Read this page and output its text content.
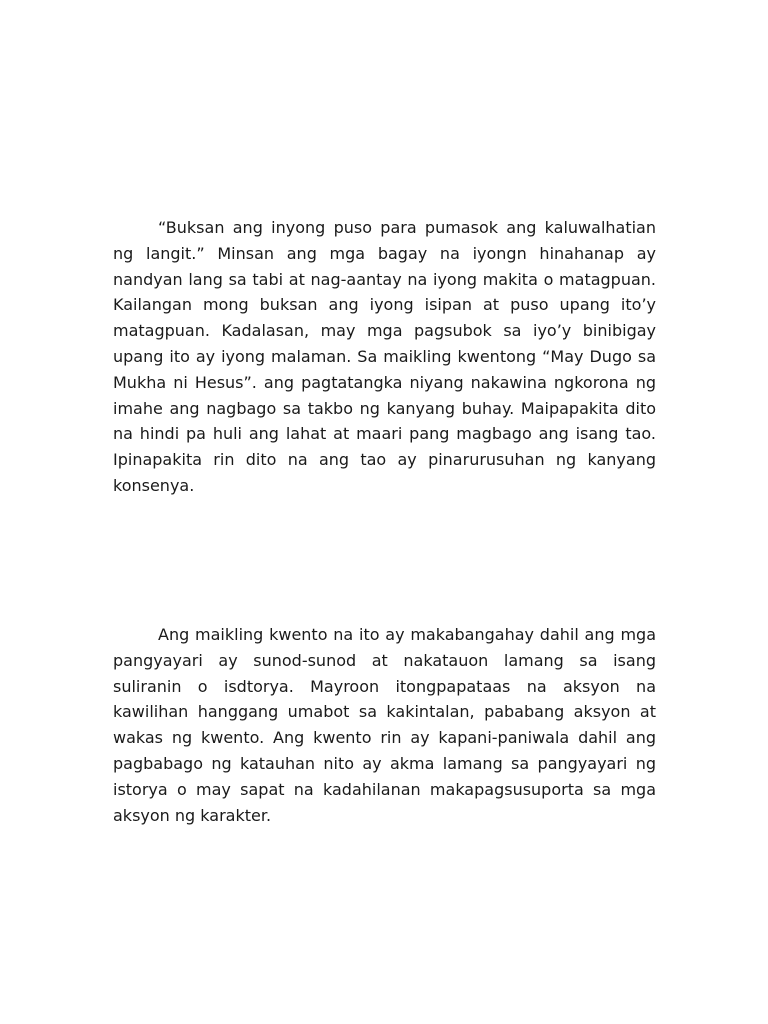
“Buksan ang inyong puso para pumasok ang kaluwalhatian ng langit.” Minsan ang mga bagay na iyongn hinahanap ay nandyan lang sa tabi at nag-aantay na iyong makita o matagpuan. Kailangan mong buksan ang iyong isipan at puso upang ito’y matagpuan. Kadalasan, may mga pagsubok sa iyo’y binibigay upang ito ay iyong malaman. Sa maikling kwentong “May Dugo sa Mukha ni Hesus”. ang pagtatangka niyang nakawina ngkorona ng imahe ang nagbago sa takbo ng kanyang buhay. Maipapakita dito na hindi pa huli ang lahat at maari pang magbago ang isang tao. Ipinapakita rin dito na ang tao ay pinarurusuhan ng kanyang konsenya.

Ang maikling kwento na ito ay makabangahay dahil ang mga pangyayari ay sunod-sunod at nakatauon lamang sa isang suliranin o isdtorya. Mayroon itongpapataas na aksyon na kawilihan hanggang umabot sa kakintalan, pababang aksyon at wakas ng kwento. Ang kwento rin ay kapani-paniwala dahil ang pagbabago ng katauhan nito ay akma lamang sa pangyayari ng istorya o may sapat na kadahilanan makapagsusuporta sa mga aksyon ng karakter.
